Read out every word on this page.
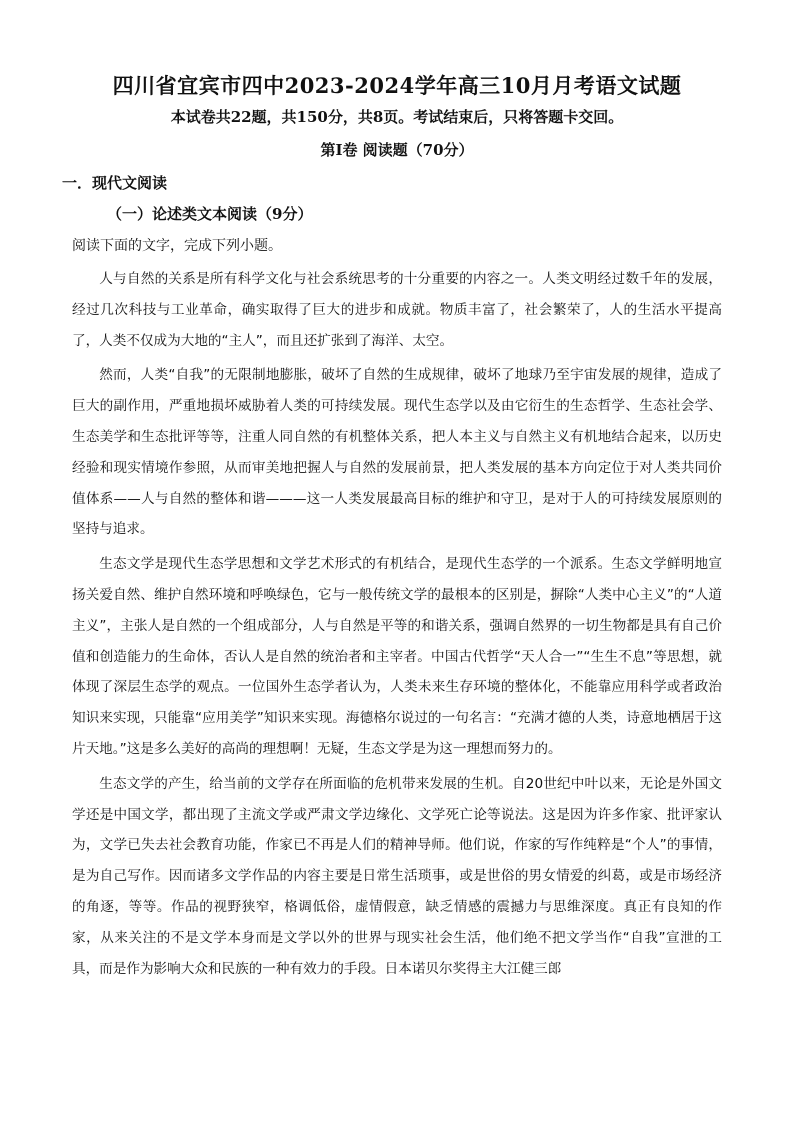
四川省宜宾市四中2023-2024学年高三10月月考语文试题
本试卷共22题，共150分，共8页。考试结束后，只将答题卡交回。
第Ⅰ卷 阅读题（70分）
一．现代文阅读
（一）论述类文本阅读（9分）
阅读下面的文字，完成下列小题。

人与自然的关系是所有科学文化与社会系统思考的十分重要的内容之一。人类文明经过数千年的发展，经过几次科技与工业革命，确实取得了巨大的进步和成就。物质丰富了，社会繁荣了，人的生活水平提高了，人类不仅成为大地的“主人”，而且还扩张到了海洋、太空。

然而，人类“自我”的无限制地膨胀，破坏了自然的生成规律，破坏了地球乃至宇宙发展的规律，造成了巨大的副作用，严重地损坏威胁着人类的可持续发展。现代生态学以及由它衍生的生态哲学、生态社会学、生态美学和生态批评等等，注重人同自然的有机整体关系，把人本主义与自然主义有机地结合起来，以历史经验和现实情境作参照，从而审美地把握人与自然的发展前景，把人类发展的基本方向定位于对人类共同价值体系——人与自然的整体和谐———这一人类发展最高目标的维护和守卫，是对于人的可持续发展原则的坚持与追求。

生态文学是现代生态学思想和文学艺术形式的有机结合，是现代生态学的一个派系。生态文学鲜明地宣扬关爱自然、维护自然环境和呼唤绿色，它与一般传统文学的最根本的区别是，摒除“人类中心主义”的“人道主义”，主张人是自然的一个组成部分，人与自然是平等的和谐关系，强调自然界的一切生物都是具有自己价值和创造能力的生命体，否认人是自然的统治者和主宰者。中国古代哲学“天人合一”“生生不息”等思想，就体现了深层生态学的观点。一位国外生态学者认为，人类未来生存环境的整体化，不能靠应用科学或者政治知识来实现，只能靠“应用美学”知识来实现。海德格尔说过的一句名言：“充满才德的人类，诗意地栖居于这片天地。”这是多么美好的高尚的理想啊！无疑，生态文学是为这一理想而努力的。

生态文学的产生，给当前的文学存在所面临的危机带来发展的生机。自20世纪中叶以来，无论是外国文学还是中国文学，都出现了主流文学或严肃文学边缘化、文学死亡论等说法。这是因为许多作家、批评家认为，文学已失去社会教育功能，作家已不再是人们的精神导师。他们说，作家的写作纯粹是“个人”的事情，是为自己写作。因而诸多文学作品的内容主要是日常生活琐事，或是世俗的男女情爱的纠葛，或是市场经济的角逐，等等。作品的视野狭窄，格调低俗，虚情假意，缺乏情感的震撼力与思维深度。真正有良知的作家，从来关注的不是文学本身而是文学以外的世界与现实社会生活，他们绝不把文学当作“自我”宣泄的工具，而是作为影响大众和民族的一种有效力的手段。日本诺贝尔奖得主大江健三郎
